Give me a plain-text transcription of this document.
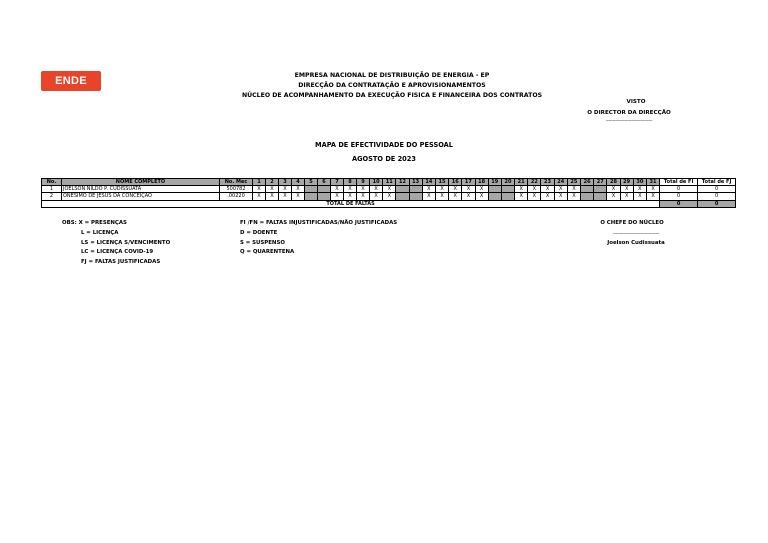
ENDE	EMPRESA NACIONAL DE DISTRIBUIÇÃO DE ENERGIA - EP
DIRECÇÃO DA CONTRATAÇÃO E APROVISIONAMENTOS
NÚCLEO DE ACOMPANHAMENTO DA EXECUÇÃO FISICA E FINANCEIRA DOS CONTRATOS
VISTO
O DIRECTOR DA DIRECÇÃO
-----------------------------------
MAPA DE EFECTIVIDADE DO PESSOAL
AGOSTO DE 2023
No.	NOME COMPLETO	No. Mec	1	2	3	4	5	6	7	8	9	10	11	12	13	14	15	16	17	18	19	20	21	22	23	24	25	26	27	28	29	30	31	Total de FI	Total de FJ
1	JOELSON NILDO P. CUDISSUATA	500782	X	X	X	X			X	X	X	X	X			X	X	X	X	X			X	X	X	X	X			X	X	X	X	0	0
2	ONESIMO DE JESUS DA CONCEIÇÃO	.00220	X	X	X	X			X	X	X	X	X			X	X	X	X	X			X	X	X	X	X			X	X	X	X	0	0
TOTAL DE FALTAS																																		0	0
OBS: X = PRESENÇAS
L = LICENÇA
LS = LICENÇA S/VENCIMENTO
LC = LICENÇA COVID-19
FJ = FALTAS JUSTIFICADAS
FI /FN = FALTAS INJUSTIFICADAS/NÃO JUSTIFICADAS
D = DOENTE
S = SUSPENSO
Q = QUARENTENA
O CHEFE DO NÚCLEO
-----------------------------------
Joelson Cudissuata
